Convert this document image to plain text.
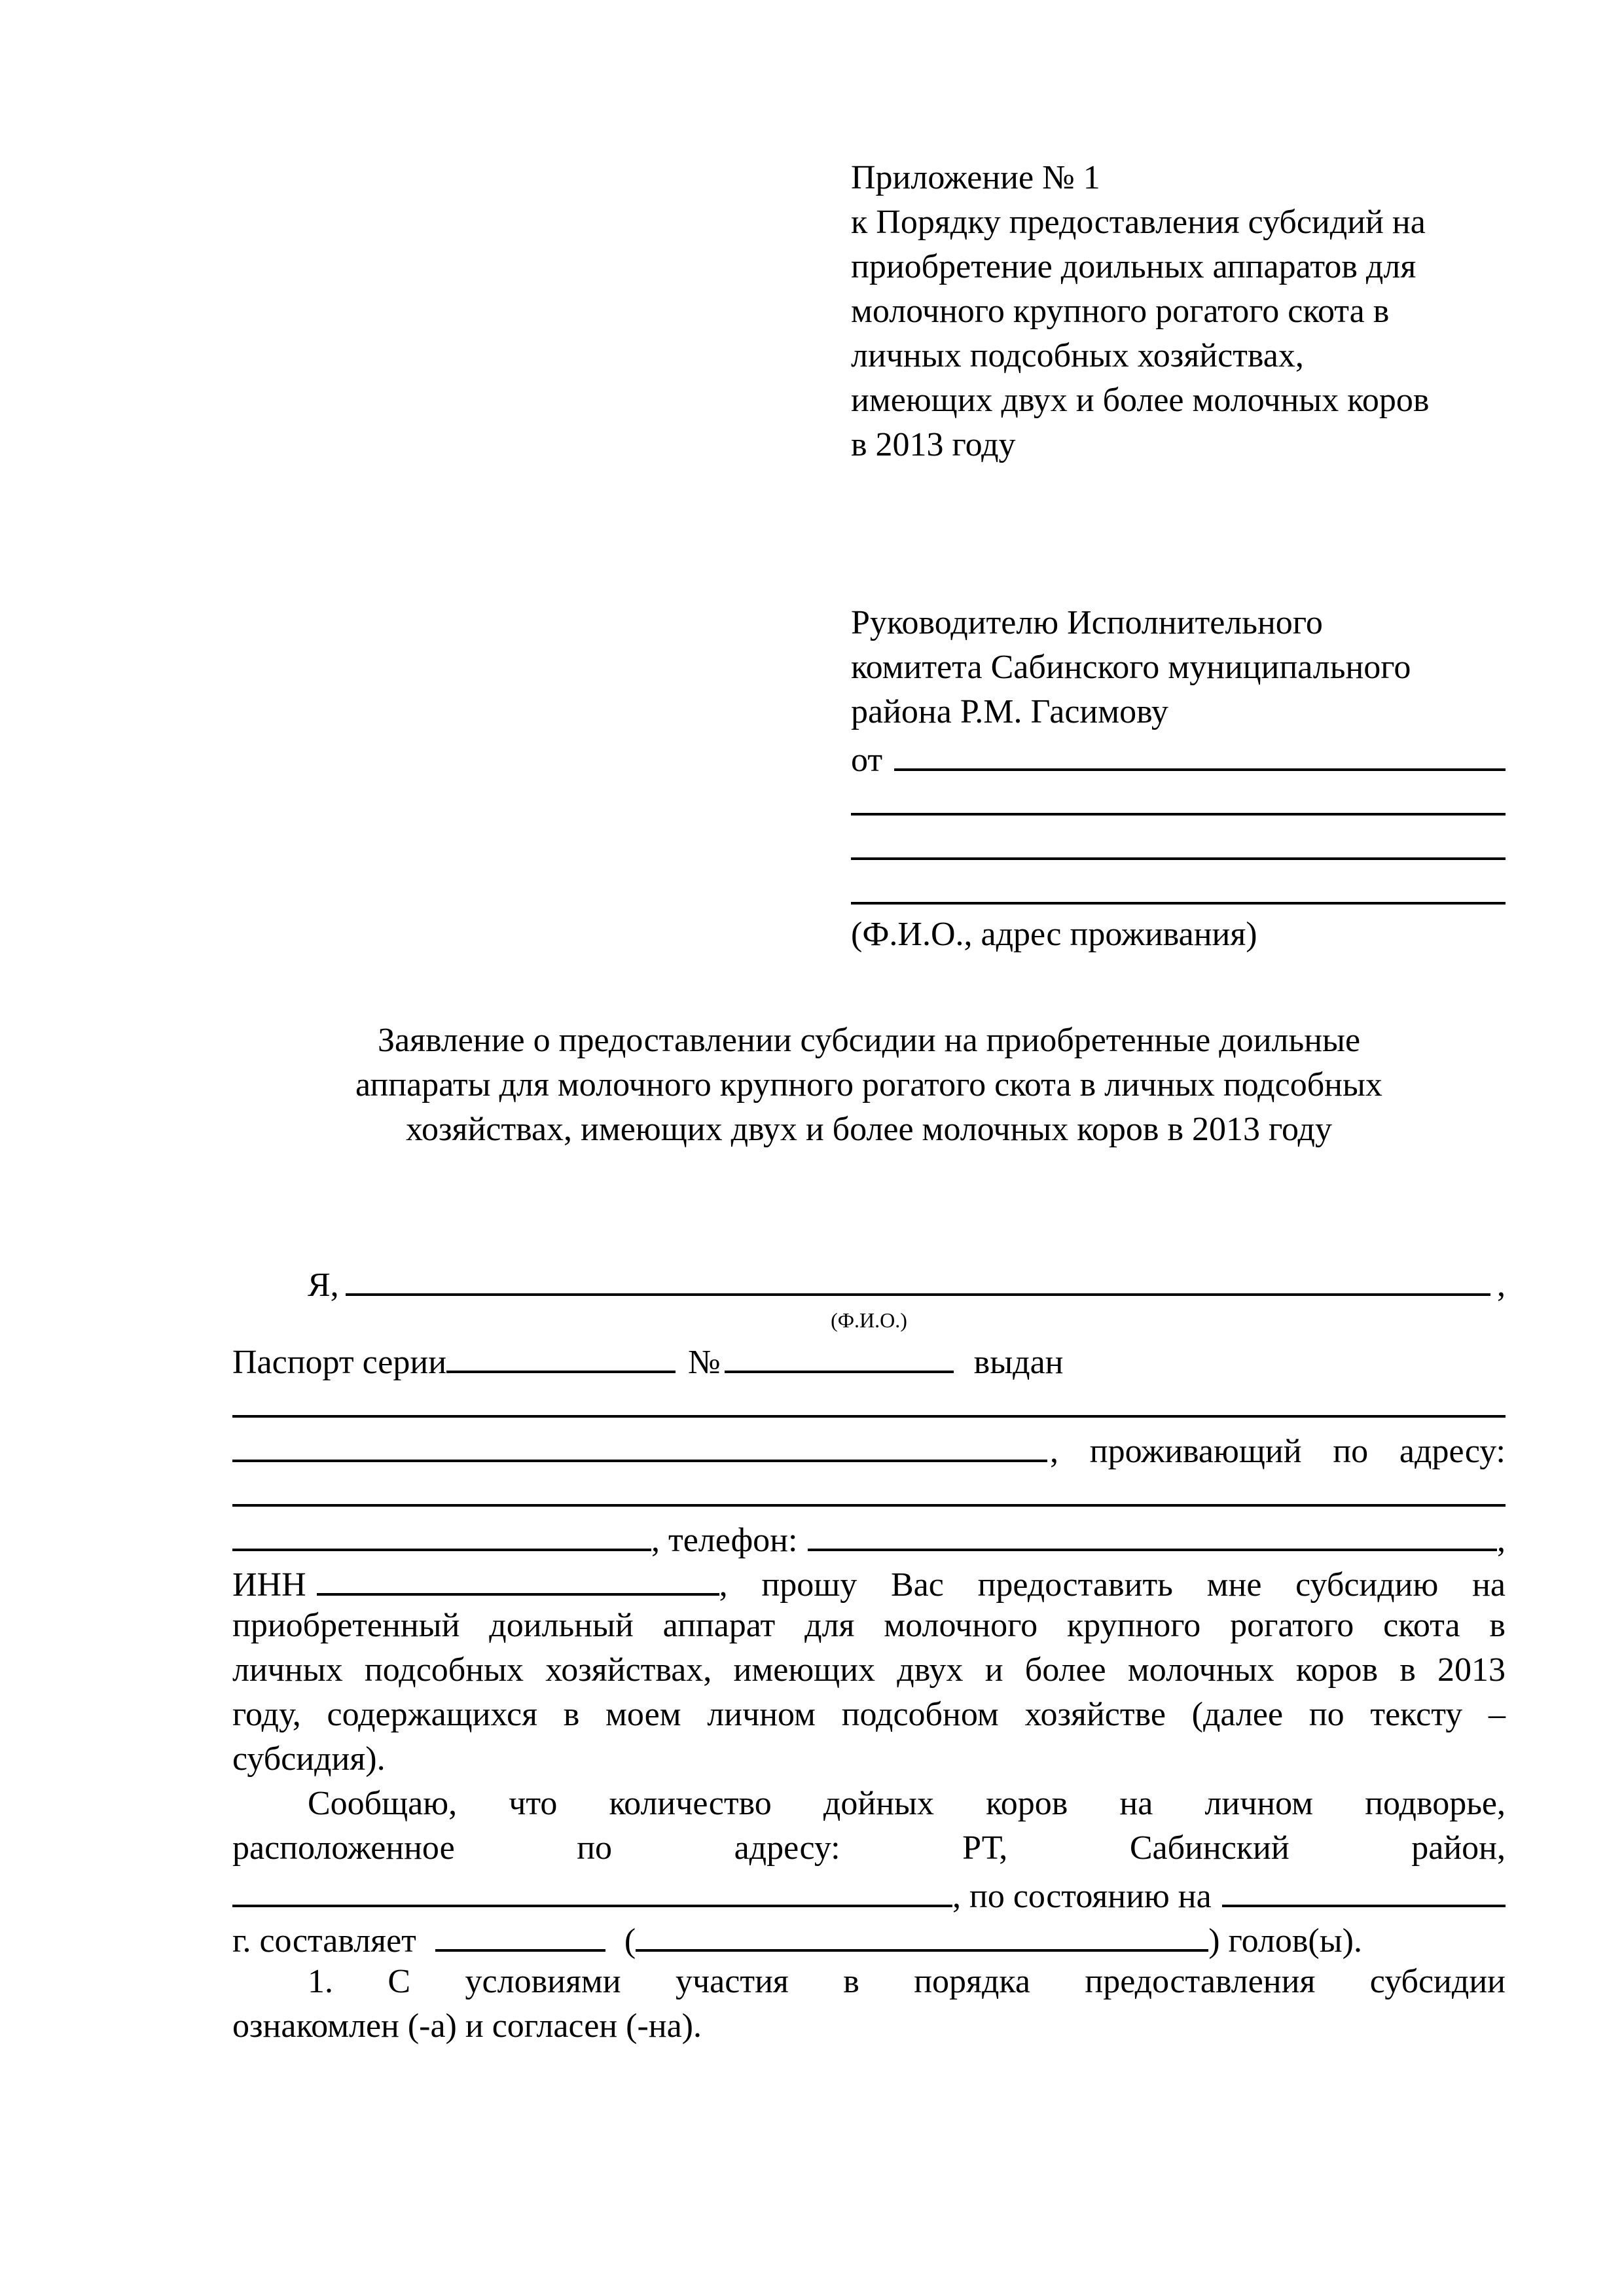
Приложение № 1
к Порядку предоставления субсидий на
приобретение доильных аппаратов для
молочного крупного рогатого скота в
личных подсобных хозяйствах,
имеющих двух и более молочных коров
в 2013 году
Руководителю Исполнительного
комитета Сабинского муниципального
района Р.М. Гасимову
от
(Ф.И.О., адрес проживания)
Заявление о предоставлении субсидии на приобретенные доильные
аппараты для молочного крупного рогатого скота в личных подсобных
хозяйствах, имеющих двух и более молочных коров в 2013 году
Я,	,
(Ф.И.О.)
Паспорт серии	№	выдан
, проживающий по адресу:
, телефон:	,
ИНН	, прошу Вас предоставить мне субсидию на
приобретенный доильный аппарат для молочного крупного рогатого скота в
личных подсобных хозяйствах, имеющих двух и более молочных коров в 2013
году, содержащихся в моем личном подсобном хозяйстве (далее по тексту –
субсидия).
Сообщаю, что количество дойных коров на личном подворье,
расположенное по адресу: РТ, Сабинский район,
, по состоянию на
г. составляет	(	) голов(ы).
1. С условиями участия в порядка предоставления субсидии
ознакомлен (-а) и согласен (-на).
